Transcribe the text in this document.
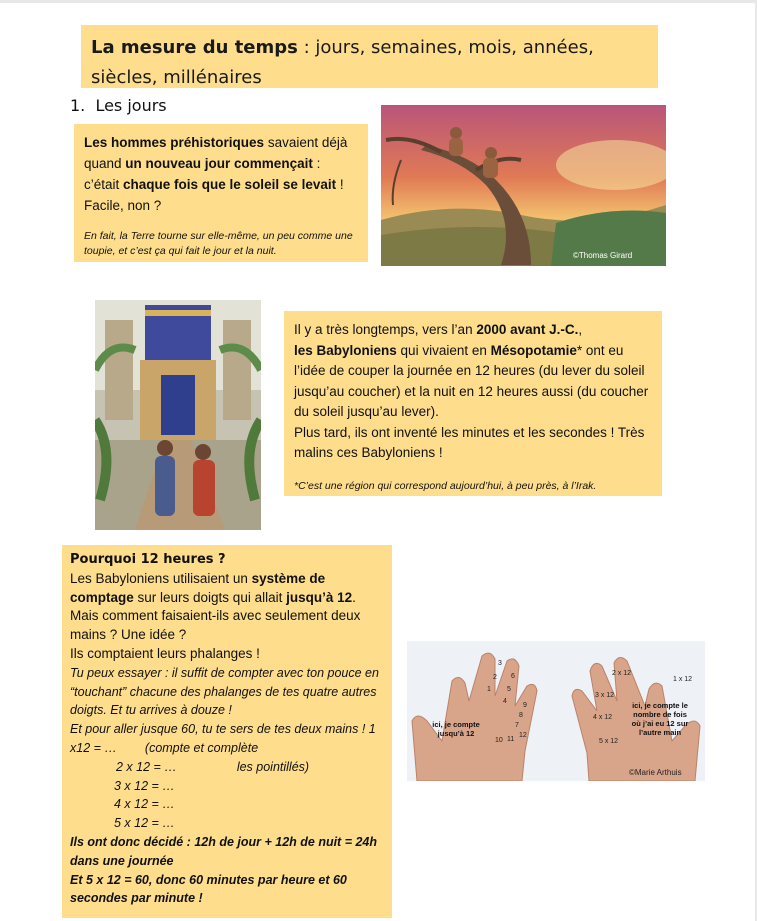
La mesure du temps : jours, semaines, mois, années, siècles, millénaires
1. Les jours
Les hommes préhistoriques savaient déjà quand un nouveau jour commençait : c’était chaque fois que le soleil se levait ! Facile, non ?
En fait, la Terre tourne sur elle-même, un peu comme une toupie, et c’est ça qui fait le jour et la nuit.	©Thomas Girard
Il y a très longtemps, vers l’an 2000 avant J.-C.,
les Babyloniens qui vivaient en Mésopotamie* ont eu l’idée de couper la journée en 12 heures (du lever du soleil jusqu’au coucher) et la nuit en 12 heures aussi (du coucher du soleil jusqu’au lever).
Plus tard, ils ont inventé les minutes et les secondes ! Très malins ces Babyloniens !
*C’est une région qui correspond aujourd’hui, à peu près, à l’Irak.
Pourquoi 12 heures ?
Les Babyloniens utilisaient un système de comptage sur leurs doigts qui allait jusqu’à 12.
Mais comment faisaient-ils avec seulement deux mains ? Une idée ?
Ils comptaient leurs phalanges !
Tu peux essayer : il suffit de compter avec ton pouce en “touchant” chacune des phalanges de tes quatre autres doigts. Et tu arrives à douze !
Et pour aller jusque 60, tu te sers de tes deux mains ! 1 x12 = … (compte et complète
2 x 12 = …	les pointillés)
3 x 12 = …
4 x 12 = …
5 x 12 = …
Ils ont donc décidé : 12h de jour + 12h de nuit = 24h dans une journée
Et 5 x 12 = 60, donc 60 minutes par heure et 60 secondes par minute !
3
2
1
6
5
4
9
8
7
10 11
12
2 x 12
1 x 12
3 x 12
4 x 12
5 x 12
©Marie Arthuis
ici, je compte jusqu’à 12
ici, je compte le nombre de fois où j’ai eu 12 sur l’autre main
